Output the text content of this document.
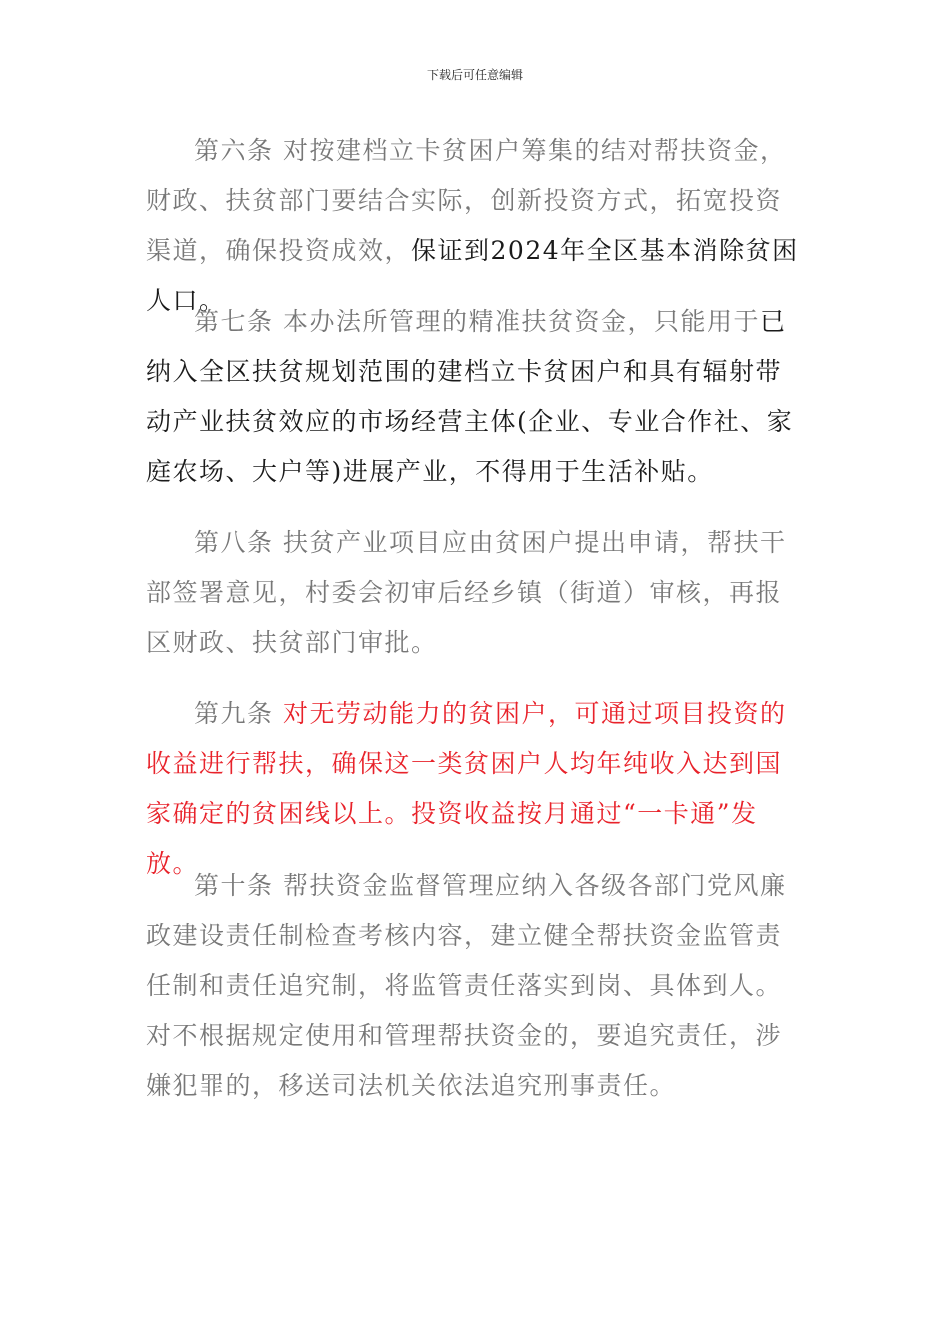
下载后可任意编辑

第六条 对按建档立卡贫困户筹集的结对帮扶资金，财政、扶贫部门要结合实际，创新投资方式，拓宽投资渠道，确保投资成效，保证到2024年全区基本消除贫困人口。

第七条 本办法所管理的精准扶贫资金，只能用于已纳入全区扶贫规划范围的建档立卡贫困户和具有辐射带动产业扶贫效应的市场经营主体(企业、专业合作社、家庭农场、大户等)进展产业，不得用于生活补贴。

第八条 扶贫产业项目应由贫困户提出申请，帮扶干部签署意见，村委会初审后经乡镇（街道）审核，再报区财政、扶贫部门审批。

第九条 对无劳动能力的贫困户，可通过项目投资的收益进行帮扶，确保这一类贫困户人均年纯收入达到国家确定的贫困线以上。投资收益按月通过“一卡通”发放。

第十条 帮扶资金监督管理应纳入各级各部门党风廉政建设责任制检查考核内容，建立健全帮扶资金监管责任制和责任追究制，将监管责任落实到岗、具体到人。对不根据规定使用和管理帮扶资金的，要追究责任，涉嫌犯罪的，移送司法机关依法追究刑事责任。
